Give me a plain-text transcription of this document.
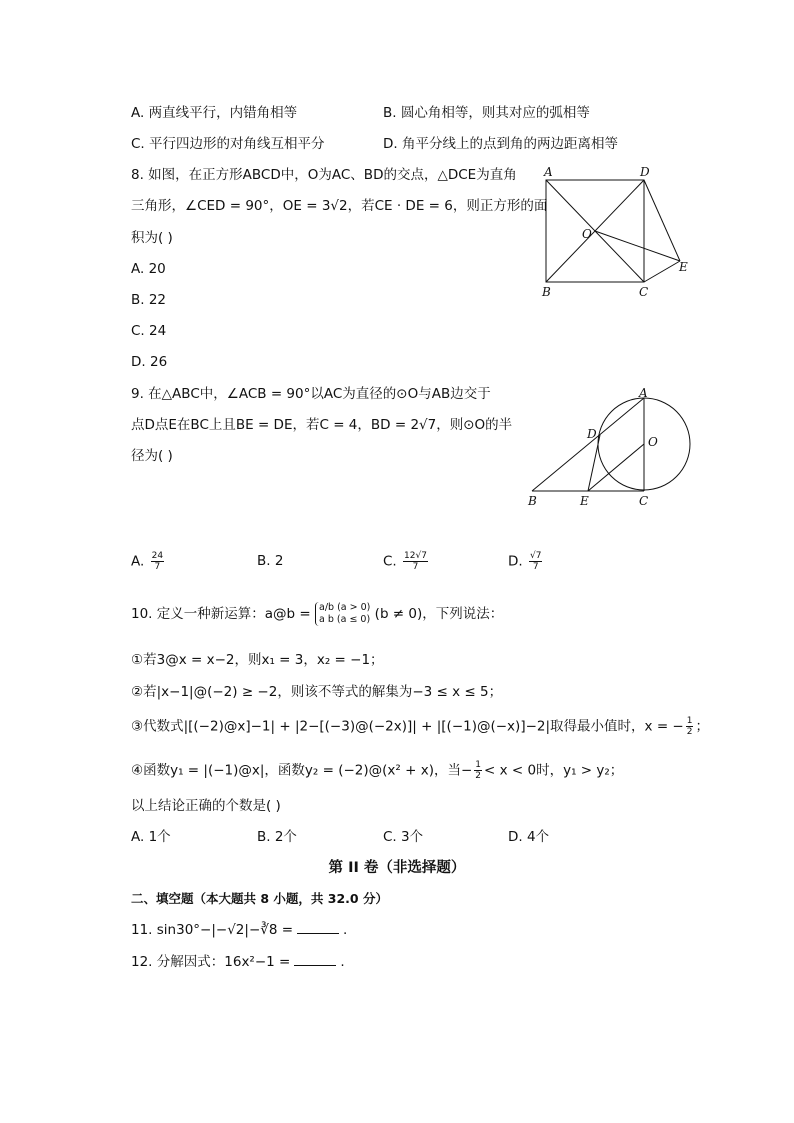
A. 两直线平行，内错角相等	B. 圆心角相等，则其对应的弧相等
C. 平行四边形的对角线互相平分	D. 角平分线上的点到角的两边距离相等
8. 如图，在正方形ABCD中，O为AC、BD的交点，△DCE为直角
三角形，∠CED = 90°，OE = 3√2，若CE · DE = 6，则正方形的面
积为( )
A. 20
B. 22
C. 24
D. 26
A	D
O
E
B	C
9. 在△ABC中，∠ACB = 90°以AC为直径的⊙O与AB边交于
点D点E在BC上且BE = DE，若C = 4，BD = 2√7，则⊙O的半
径为( )
A
D
O
B	E	C
A. $\frac{24}{7}$	B. 2	C. $\frac{12√7}{7}$	D. $\frac{√7}{7}$
10. 定义一种新运算：a@b = a/b (a > 0)
a b (a ≤ 0) (b ≠ 0)，下列说法：
①若3@x = x−2，则x₁ = 3，x₂ = −1；
②若|x−1|@(−2) ≥ −2，则该不等式的解集为−3 ≤ x ≤ 5；
③代数式|[(−2)@x]−1| + |2−[(−3)@(−2x)]| + |[(−1)@(−x)]−2|取得最小值时，x = − $\frac{1}{2}$ ；
④函数y₁ = |(−1)@x|，函数y₂ = (−2)@(x² + x)，当− $\frac{1}{2} < x < 0$时，y₁ > y₂；
以上结论正确的个数是( )
A. 1个	B. 2个	C. 3个	D. 4个
第 II 卷（非选择题）
二、填空题（本大题共 8 小题，共 32.0 分）
11. sin30°−|−√2|−∛8 =	.
12. 分解因式：16x²−1 =	.
